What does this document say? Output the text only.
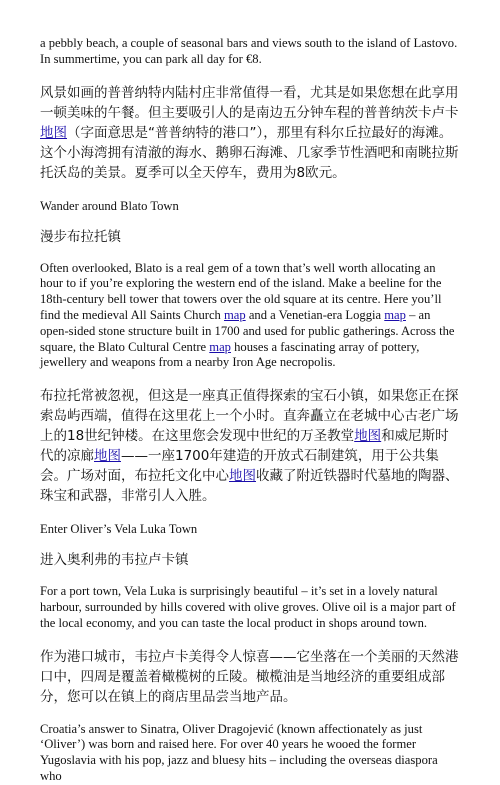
a pebbly beach, a couple of seasonal bars and views south to the island of Lastovo. In summertime, you can park all day for €8.

风景如画的普普纳特内陆村庄非常值得一看，尤其是如果您想在此享用一顿美味的午餐。但主要吸引人的是南边五分钟车程的普普纳茨卡卢卡地图（字面意思是“普普纳特的港口”），那里有科尔丘拉最好的海滩。这个小海湾拥有清澈的海水、鹅卵石海滩、几家季节性酒吧和南眺拉斯托沃岛的美景。夏季可以全天停车，费用为8欧元。

Wander around Blato Town

漫步布拉托镇

Often overlooked, Blato is a real gem of a town that’s well worth allocating an hour to if you’re exploring the western end of the island. Make a beeline for the 18th-century bell tower that towers over the old square at its centre. Here you’ll find the medieval All Saints Church map and a Venetian-era Loggia map – an open-sided stone structure built in 1700 and used for public gatherings. Across the square, the Blato Cultural Centre map houses a fascinating array of pottery, jewellery and weapons from a nearby Iron Age necropolis.

布拉托常被忽视，但这是一座真正值得探索的宝石小镇，如果您正在探索岛屿西端，值得在这里花上一个小时。直奔矗立在老城中心古老广场上的18世纪钟楼。在这里您会发现中世纪的万圣教堂地图和威尼斯时代的凉廊地图——一座1700年建造的开放式石制建筑，用于公共集会。广场对面，布拉托文化中心地图收藏了附近铁器时代墓地的陶器、珠宝和武器，非常引人入胜。

Enter Oliver’s Vela Luka Town

进入奥利弗的韦拉卢卡镇

For a port town, Vela Luka is surprisingly beautiful – it’s set in a lovely natural harbour, surrounded by hills covered with olive groves. Olive oil is a major part of the local economy, and you can taste the local product in shops around town.

作为港口城市，韦拉卢卡美得令人惊喜——它坐落在一个美丽的天然港口中，四周是覆盖着橄榄树的丘陵。橄榄油是当地经济的重要组成部分，您可以在镇上的商店里品尝当地产品。

Croatia’s answer to Sinatra, Oliver Dragojević (known affectionately as just ‘Oliver’) was born and raised here. For over 40 years he wooed the former Yugoslavia with his pop, jazz and bluesy hits – including the overseas diaspora who
